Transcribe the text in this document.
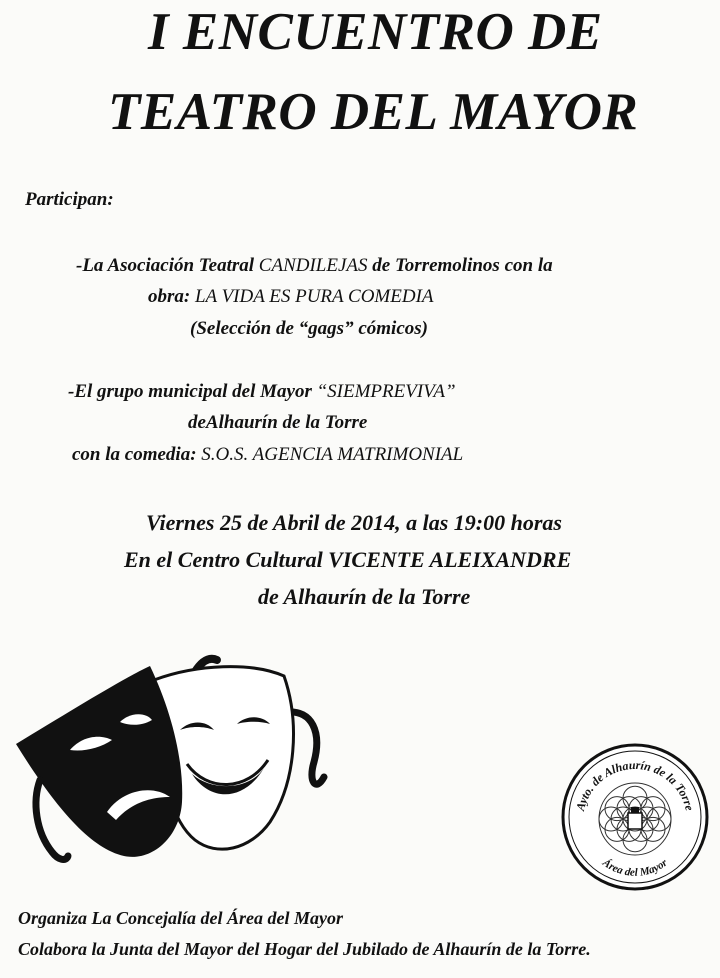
I ENCUENTRO DE
TEATRO DEL MAYOR

Participan:

-La Asociación Teatral CANDILEJAS de Torremolinos con la

obra: LA VIDA ES PURA COMEDIA

(Selección de “gags” cómicos)

-El grupo municipal del Mayor “SIEMPREVIVA”

deAlhaurín de la Torre

con la comedia: S.O.S. AGENCIA MATRIMONIAL

Viernes 25 de Abril de 2014, a las 19:00 horas

En el Centro Cultural VICENTE ALEIXANDRE

de Alhaurín de la Torre

Ayto. de Alhaurín de la Torre
Área del Mayor

Organiza La Concejalía del Área del Mayor

Colabora la Junta del Mayor del Hogar del Jubilado de Alhaurín de la Torre.
